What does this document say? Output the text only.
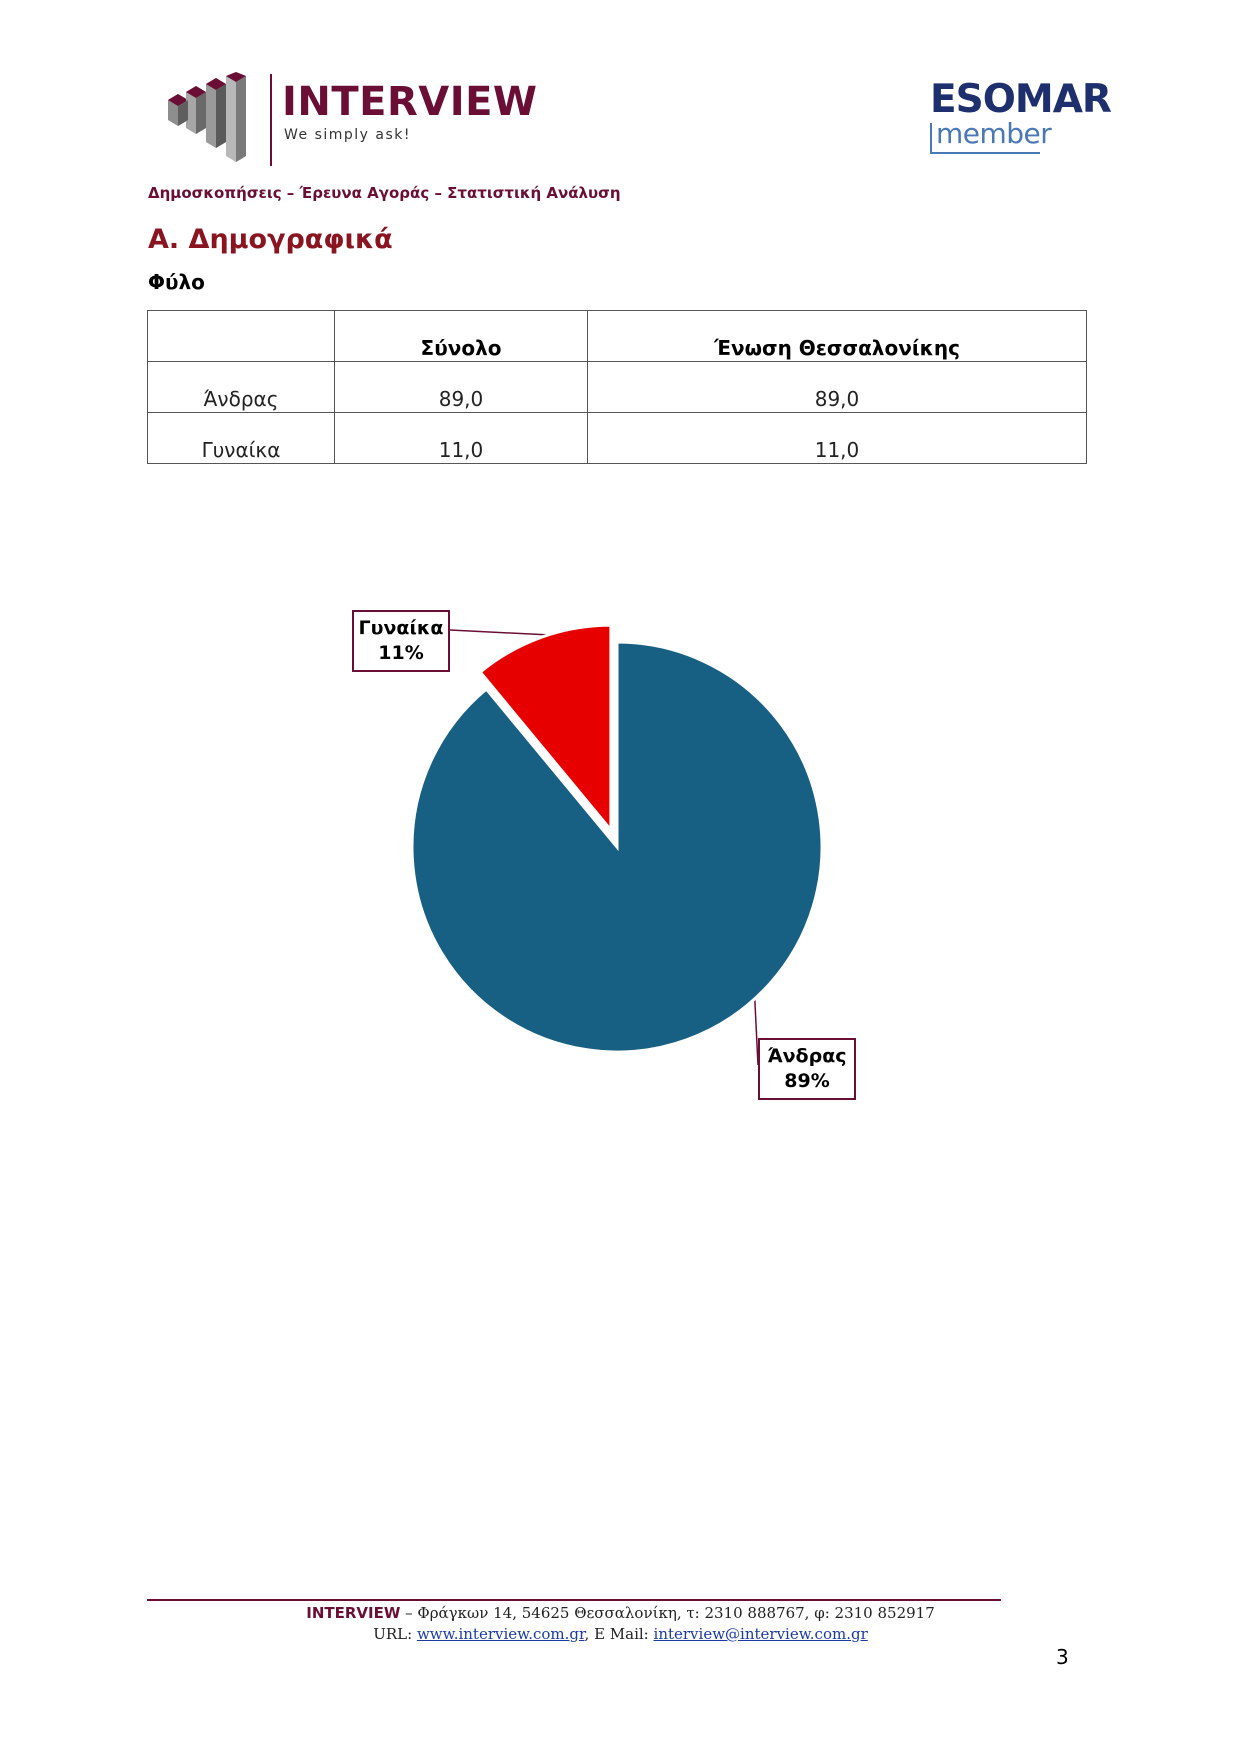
INTERVIEW
We simply ask!
ESOMAR
member
Δημοσκοπήσεις – Έρευνα Αγοράς – Στατιστική Ανάλυση
Α. Δημογραφικά
Φύλο
	Σύνολο	Ένωση Θεσσαλονίκης
Άνδρας	89,0	89,0
Γυναίκα	11,0	11,0
Γυναίκα
11%
Άνδρας
89%
INTERVIEW – Φράγκων 14, 54625 Θεσσαλονίκη, τ: 2310 888767, φ: 2310 852917
URL: www.interview.com.gr, E Mail: interview@interview.com.gr
3
